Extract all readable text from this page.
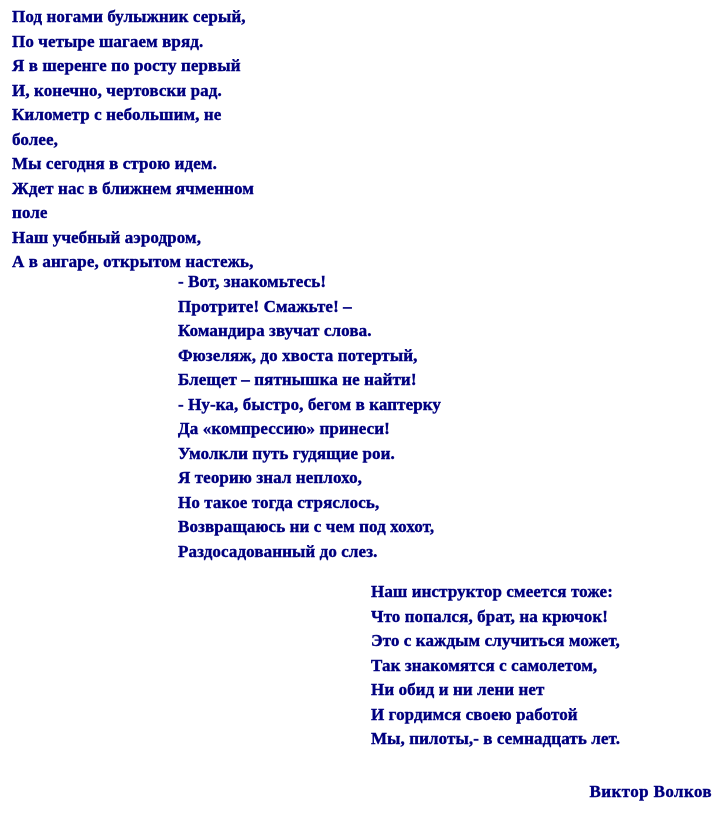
Под ногами булыжник серый,
По четыре шагаем вряд.
Я в шеренге по росту первый
И, конечно, чертовски рад.
Километр с небольшим, не
более,
Мы сегодня в строю идем.
Ждет нас в ближнем ячменном
поле
Наш учебный аэродром,
А в ангаре, открытом настежь,
- Вот, знакомьтесь!
Протрите! Смажьте! –
Командира звучат слова.
Фюзеляж, до хвоста потертый,
Блещет – пятнышка не найти!
- Ну-ка, быстро, бегом в каптерку
Да «компрессию» принеси!
Умолкли путь гудящие рои.
Я теорию знал неплохо,
Но такое тогда стряслось,
Возвращаюсь ни с чем под хохот,
Раздосадованный до слез.
Наш инструктор смеется тоже:
Что попался, брат, на крючок!
Это с каждым случиться может,
Так знакомятся с самолетом,
Ни обид и ни лени нет
И гордимся своею работой
Мы, пилоты,- в семнадцать лет.
Виктор Волков
